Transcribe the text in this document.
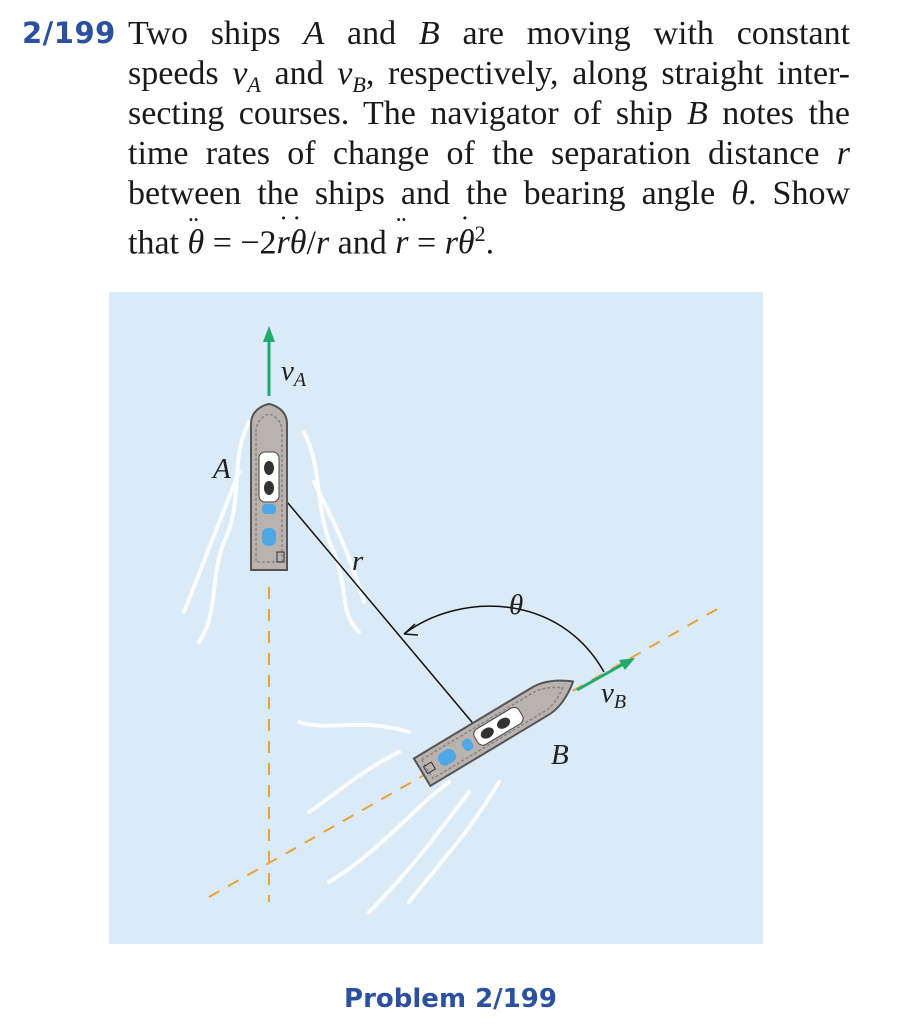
2/199 Two ships A and B are moving with constant
speeds $v_A$ and $v_B$, respectively, along straight inter-
secting courses. The navigator of ship B notes the
time rates of change of the separation distance r
between the ships and the bearing angle θ. Show
that θ ¨ = −2r ˙θ ˙/r and r ¨ = rθ ˙$^2$.
A
B
r
θ
$v_A$
$v_B$
Problem 2/199
